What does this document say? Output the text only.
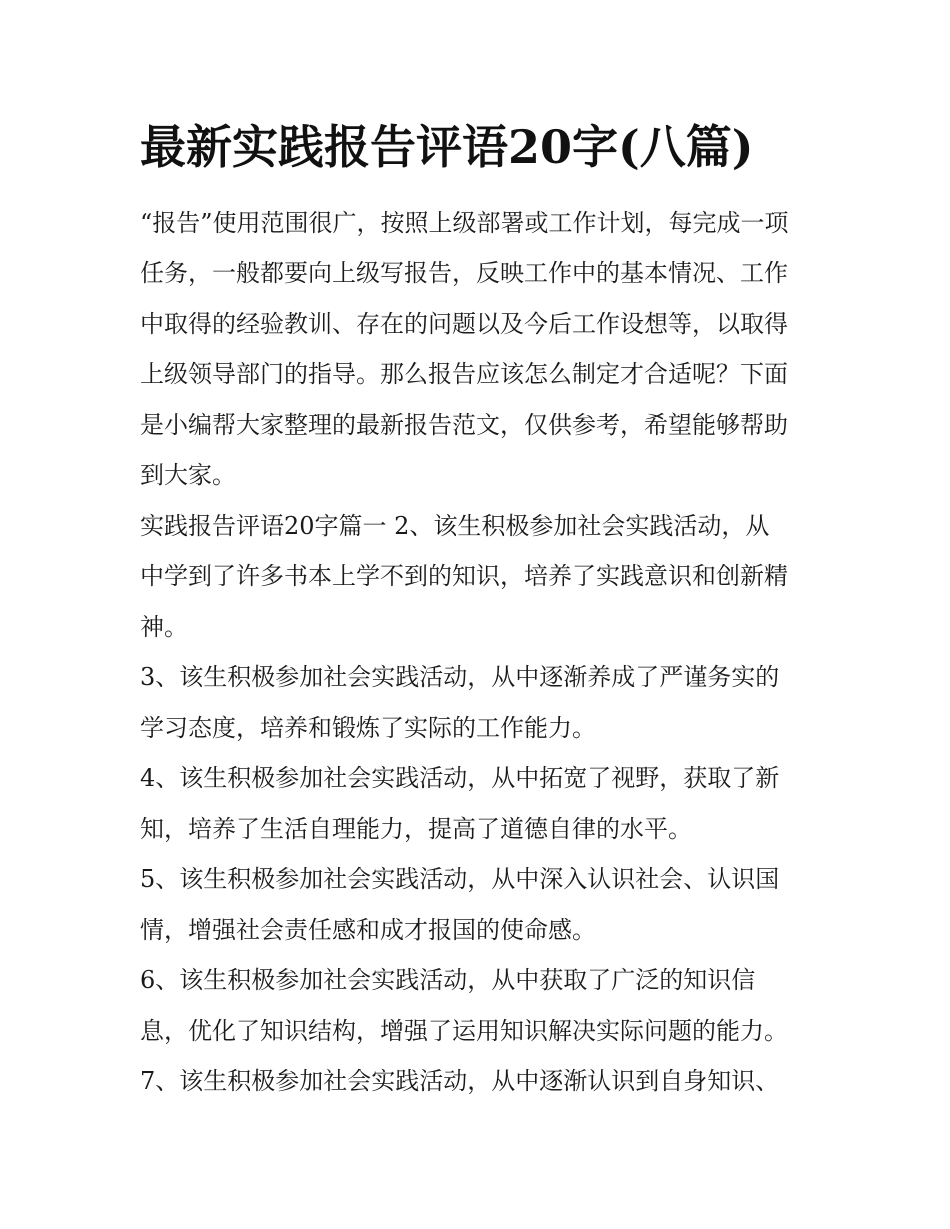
最新实践报告评语20字(八篇)

“报告”使用范围很广，按照上级部署或工作计划，每完成一项

任务，一般都要向上级写报告，反映工作中的基本情况、工作

中取得的经验教训、存在的问题以及今后工作设想等，以取得

上级领导部门的指导。那么报告应该怎么制定才合适呢？下面

是小编帮大家整理的最新报告范文，仅供参考，希望能够帮助

到大家。

实践报告评语20字篇一 2、该生积极参加社会实践活动，从

中学到了许多书本上学不到的知识，培养了实践意识和创新精

神。

3、该生积极参加社会实践活动，从中逐渐养成了严谨务实的

学习态度，培养和锻炼了实际的工作能力。

4、该生积极参加社会实践活动，从中拓宽了视野，获取了新

知，培养了生活自理能力，提高了道德自律的水平。

5、该生积极参加社会实践活动，从中深入认识社会、认识国

情，增强社会责任感和成才报国的使命感。

6、该生积极参加社会实践活动，从中获取了广泛的知识信

息，优化了知识结构，增强了运用知识解决实际问题的能力。

7、该生积极参加社会实践活动，从中逐渐认识到自身知识、
